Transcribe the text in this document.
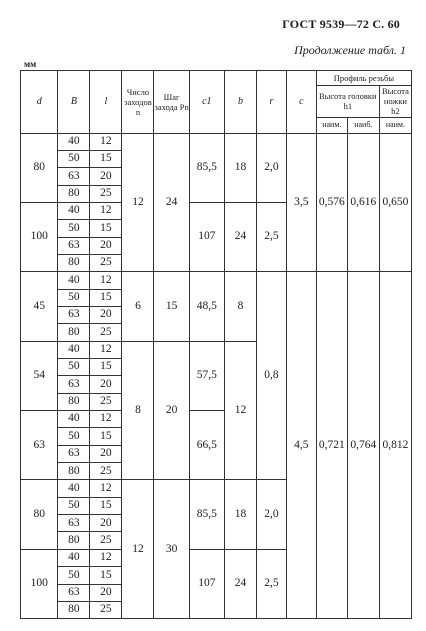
ГОСТ 9539—72 С. 60
Продолжение табл. 1
мм
d	B	l	Число заходов n	Шаг захода Pn	c1	b	r	c	Профиль резьбы		
									Высота головки h1		Высота ножки h2
									наим.	наиб.	наим.
80	40	12	12	24	85,5	18	2,0	3,5	0,576	0,616	0,650
	50	15									
	63	20									
	80	25									
100	40	12			107	24	2,5				
	50	15									
	63	20									
	80	25									
45	40	12	6	15	48,5	8	0,8	4,5	0,721	0,764	0,812
	50	15									
	63	20									
	80	25									
54	40	12	8	20	57,5	12					
	50	15									
	63	20									
	80	25									
63	40	12			66,5						
	50	15									
	63	20									
	80	25									
80	40	12	12	30	85,5	18	2,0				
	50	15									
	63	20									
	80	25									
100	40	12			107	24	2,5				
	50	15									
	63	20									
	80	25									
